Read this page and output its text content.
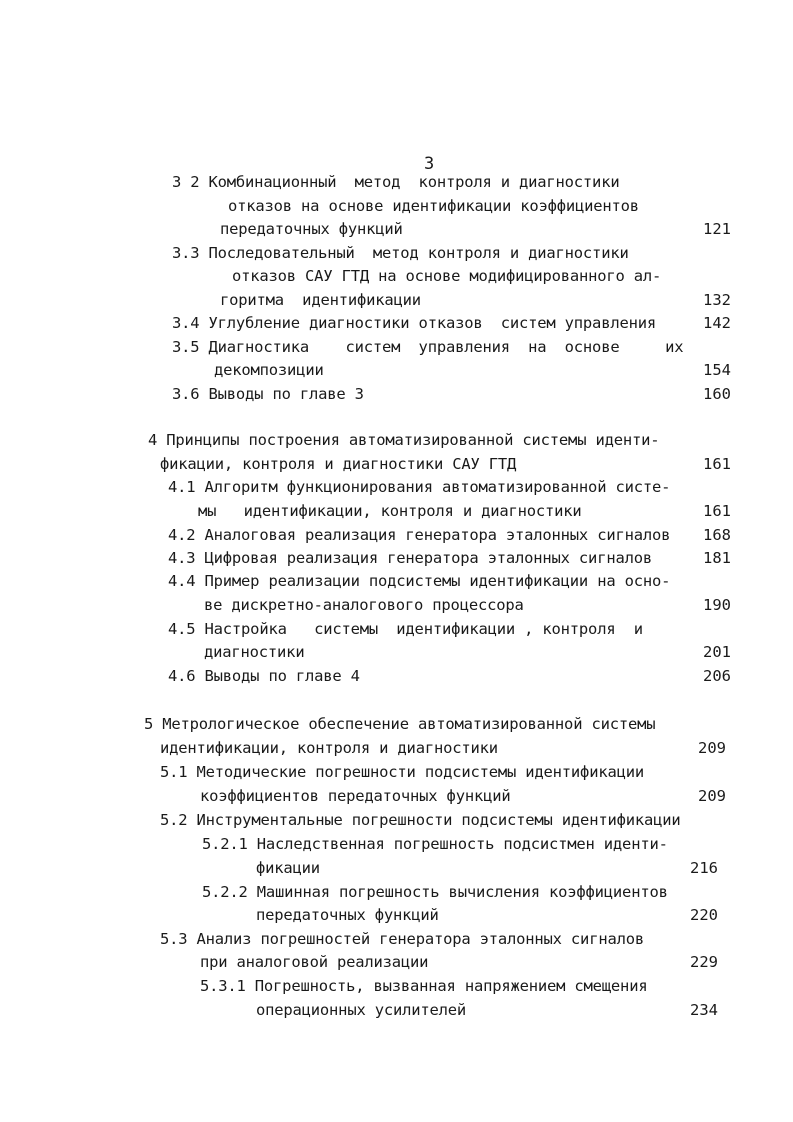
3
3 2 Комбинационный  метод  контроля и диагностики
отказов на основе идентификации коэффициентов
передаточных функций	121
3.3 Последовательный  метод контроля и диагностики
отказов САУ ГТД на основе модифицированного ал-
горитма  идентификации	132
3.4 Углубление диагностики отказов  систем управления	142
3.5 Диагностика    систем  управления  на  основе     их
декомпозиции	154
3.6 Выводы по главе 3	160
4 Принципы построения автоматизированной системы иденти-
фикации, контроля и диагностики САУ ГТД	161
4.1 Алгоритм функционирования автоматизированной систе-
мы   идентификации, контроля и диагностики	161
4.2 Аналоговая реализация генератора эталонных сигналов 168
4.3 Цифровая реализация генератора эталонных сигналов	181
4.4 Пример реализации подсистемы идентификации на осно-
ве дискретно-аналогового процессора	190
4.5 Настройка   системы  идентификации , контроля  и
диагностики	201
4.6 Выводы по главе 4	206
5 Метрологическое обеспечение автоматизированной системы
идентификации, контроля и диагностики	209
5.1 Методические погрешности подсистемы идентификации
коэффициентов передаточных функций	209
5.2 Инструментальные погрешности подсистемы идентификации
5.2.1 Наследственная погрешность подсистмен иденти-
фикации	216
5.2.2 Машинная погрешность вычисления коэффициентов
передаточных функций	220
5.3 Анализ погрешностей генератора эталонных сигналов
при аналоговой реализации	229
5.3.1 Погрешность, вызванная напряжением смещения
операционных усилителей	234
